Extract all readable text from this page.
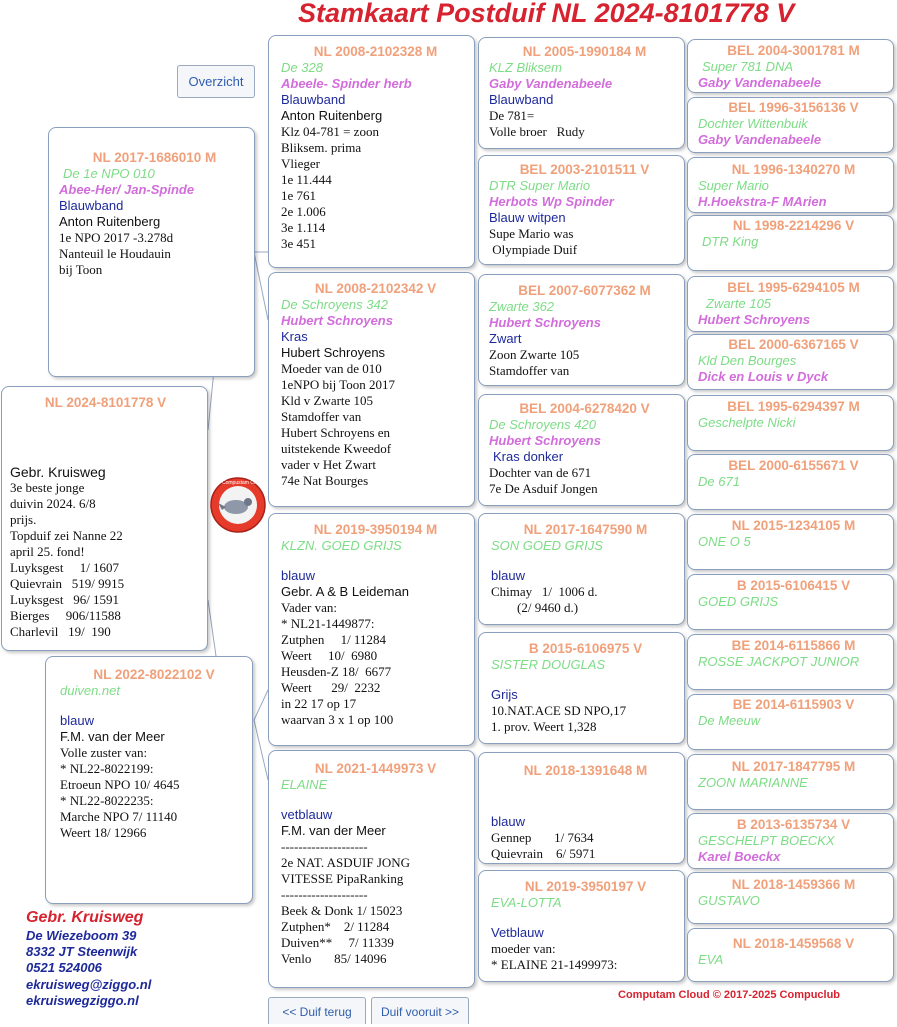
Stamkaart Postduif NL 2024-8101778 V
Overzicht
NL 2024-8101778 V
Gebr. Kruisweg
3e beste jonge
duivin 2024. 6/8
prijs.
Topduif zei Nanne 22
april 25. fond!
Luyksgest     1/ 1607
Quievrain   519/ 9915
Luyksgest   96/ 1591
Bierges     906/11588
Charlevil   19/  190
Compustam Cloud
NL 2017-1686010 M
De 1e NPO 010
Abee-Her/ Jan-Spinde
Blauwband
Anton Ruitenberg
1e NPO 2017 -3.278d
Nanteuil le Houdauin
bij Toon
NL 2022-8022102 V
duiven.net
blauw
F.M. van der Meer
Volle zuster van:
* NL22-8022199:
Etroeun NPO 10/ 4645
* NL22-8022235:
Marche NPO 7/ 11140
Weert 18/ 12966
NL 2008-2102328 M
De 328
Abeele- Spinder herb
Blauwband
Anton Ruitenberg
Klz 04-781 = zoon
Bliksem. prima
Vlieger
1e 11.444
1e 761
2e 1.006
3e 1.114
3e 451
NL 2008-2102342 V
De Schroyens 342
Hubert Schroyens
Kras
Hubert Schroyens
Moeder van de 010
1eNPO bij Toon 2017
Kld v Zwarte 105
Stamdoffer van
Hubert Schroyens en
uitstekende Kweedof
vader v Het Zwart
74e Nat Bourges
NL 2019-3950194 M
KLZN. GOED GRIJS
blauw
Gebr. A & B Leideman
Vader van:
* NL21-1449877:
Zutphen     1/ 11284
Weert     10/  6980
Heusden-Z 18/  6677
Weert      29/  2232
in 22 17 op 17
waarvan 3 x 1 op 100
NL 2021-1449973 V
ELAINE
vetblauw
F.M. van der Meer
--------------------
2e NAT. ASDUIF JONG
VITESSE PipaRanking
--------------------
Beek & Donk 1/ 15023
Zutphen*    2/ 11284
Duiven**     7/ 11339
Venlo       85/ 14096
NL 2005-1990184 M
KLZ Bliksem
Gaby Vandenabeele
Blauwband
De 781=
Volle broer   Rudy
BEL 2003-2101511 V
DTR Super Mario
Herbots Wp Spinder
Blauw witpen
Supe Mario was
Olympiade Duif
BEL 2007-6077362 M
Zwarte 362
Hubert Schroyens
Zwart
Zoon Zwarte 105
Stamdoffer van
BEL 2004-6278420 V
De Schroyens 420
Hubert Schroyens
Kras donker
Dochter van de 671
7e De Asduif Jongen
NL 2017-1647590 M
SON GOED GRIJS
blauw
Chimay   1/  1006 d.
(2/ 9460 d.)
B 2015-6106975 V
SISTER DOUGLAS
Grijs
10.NAT.ACE SD NPO,17
1. prov. Weert 1,328
NL 2018-1391648 M
blauw
Gennep       1/ 7634
Quievrain    6/ 5971
NL 2019-3950197 V
EVA-LOTTA
Vetblauw
moeder van:
* ELAINE 21-1499973:
BEL 2004-3001781 M
Super 781 DNA
Gaby Vandenabeele
BEL 1996-3156136 V
Dochter Wittenbuik
Gaby Vandenabeele
NL 1996-1340270 M
Super Mario
H.Hoekstra-F MArien
NL 1998-2214296 V
DTR King
BEL 1995-6294105 M
Zwarte 105
Hubert Schroyens
BEL 2000-6367165 V
Kld Den Bourges
Dick en Louis v Dyck
BEL 1995-6294397 M
Geschelpte Nicki
BEL 2000-6155671 V
De 671
NL 2015-1234105 M
ONE O 5
B 2015-6106415 V
GOED GRIJS
BE 2014-6115866 M
ROSSE JACKPOT JUNIOR
BE 2014-6115903 V
De Meeuw
NL 2017-1847795 M
ZOON MARIANNE
B 2013-6135734 V
GESCHELPT BOECKX
Karel Boeckx
NL 2018-1459366 M
GUSTAVO
NL 2018-1459568 V
EVA
Gebr. Kruisweg
De Wiezeboom 39
8332 JT Steenwijk
0521 524006
ekruisweg@ziggo.nl
ekruiswegziggo.nl
<< Duif terug	Duif vooruit >>
Computam Cloud © 2017-2025 Compuclub
